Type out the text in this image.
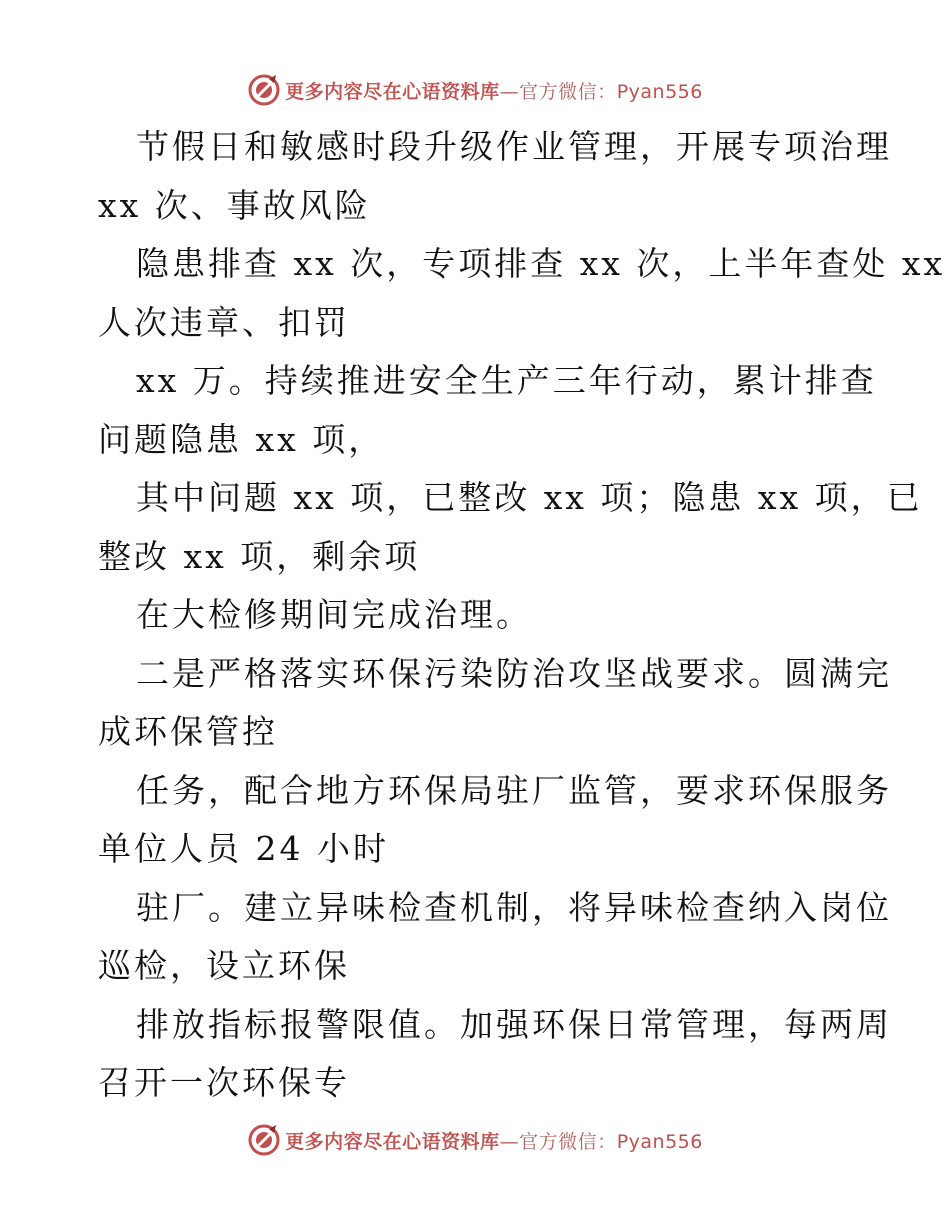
更多内容尽在心语资料库—官方微信：Pyan556
节假日和敏感时段升级作业管理，开展专项治理
xx 次、事故风险
隐患排查 xx 次，专项排查 xx 次，上半年查处 xx
人次违章、扣罚
xx 万。持续推进安全生产三年行动，累计排查
问题隐患 xx 项，
其中问题 xx 项，已整改 xx 项；隐患 xx 项，已
整改 xx 项，剩余项
在大检修期间完成治理。
二是严格落实环保污染防治攻坚战要求。圆满完
成环保管控
任务，配合地方环保局驻厂监管，要求环保服务
单位人员 24 小时
驻厂。建立异味检查机制，将异味检查纳入岗位
巡检，设立环保
排放指标报警限值。加强环保日常管理，每两周
召开一次环保专
更多内容尽在心语资料库—官方微信：Pyan556
